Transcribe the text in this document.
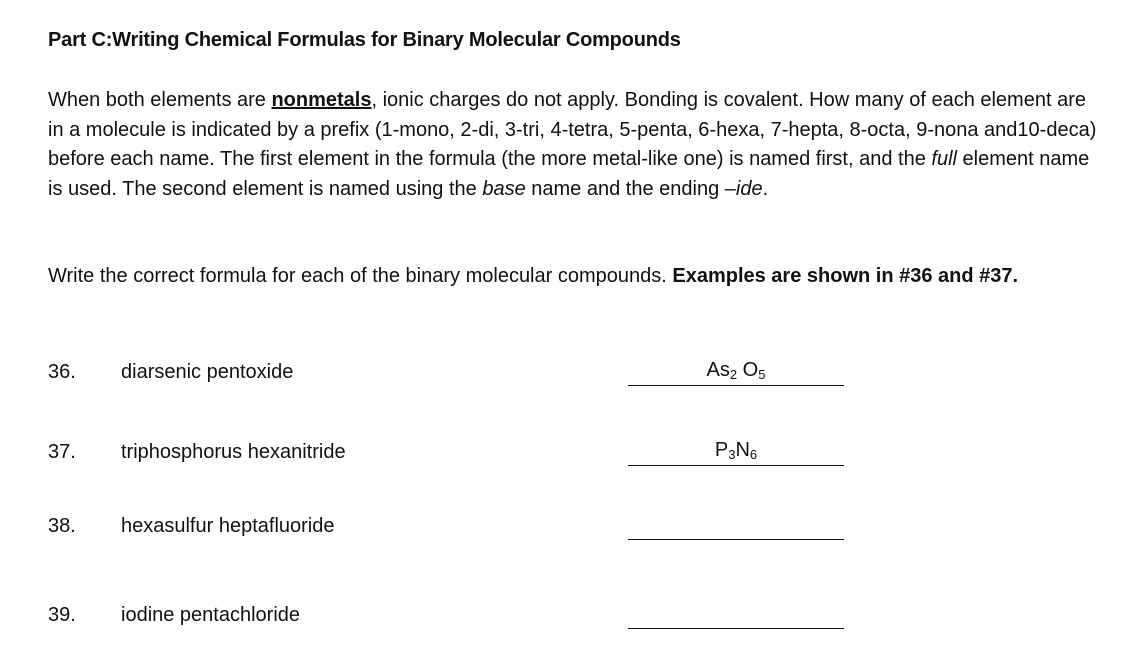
Part C:Writing Chemical Formulas for Binary Molecular Compounds
When both elements are nonmetals, ionic charges do not apply. Bonding is covalent. How many of each element are in a molecule is indicated by a prefix (1-mono, 2-di, 3-tri, 4-tetra, 5-penta, 6-hexa, 7-hepta, 8-octa, 9-nona and10-deca) before each name. The first element in the formula (the more metal-like one) is named first, and the full element name is used. The second element is named using the base name and the ending –ide.
Write the correct formula for each of the binary molecular compounds. Examples are shown in #36 and #37.
36. diarsenic pentoxide	$As_2$ $O_5$
37. triphosphorus hexanitride	$P_3N_6$
38. hexasulfur heptafluoride
39. iodine pentachloride
